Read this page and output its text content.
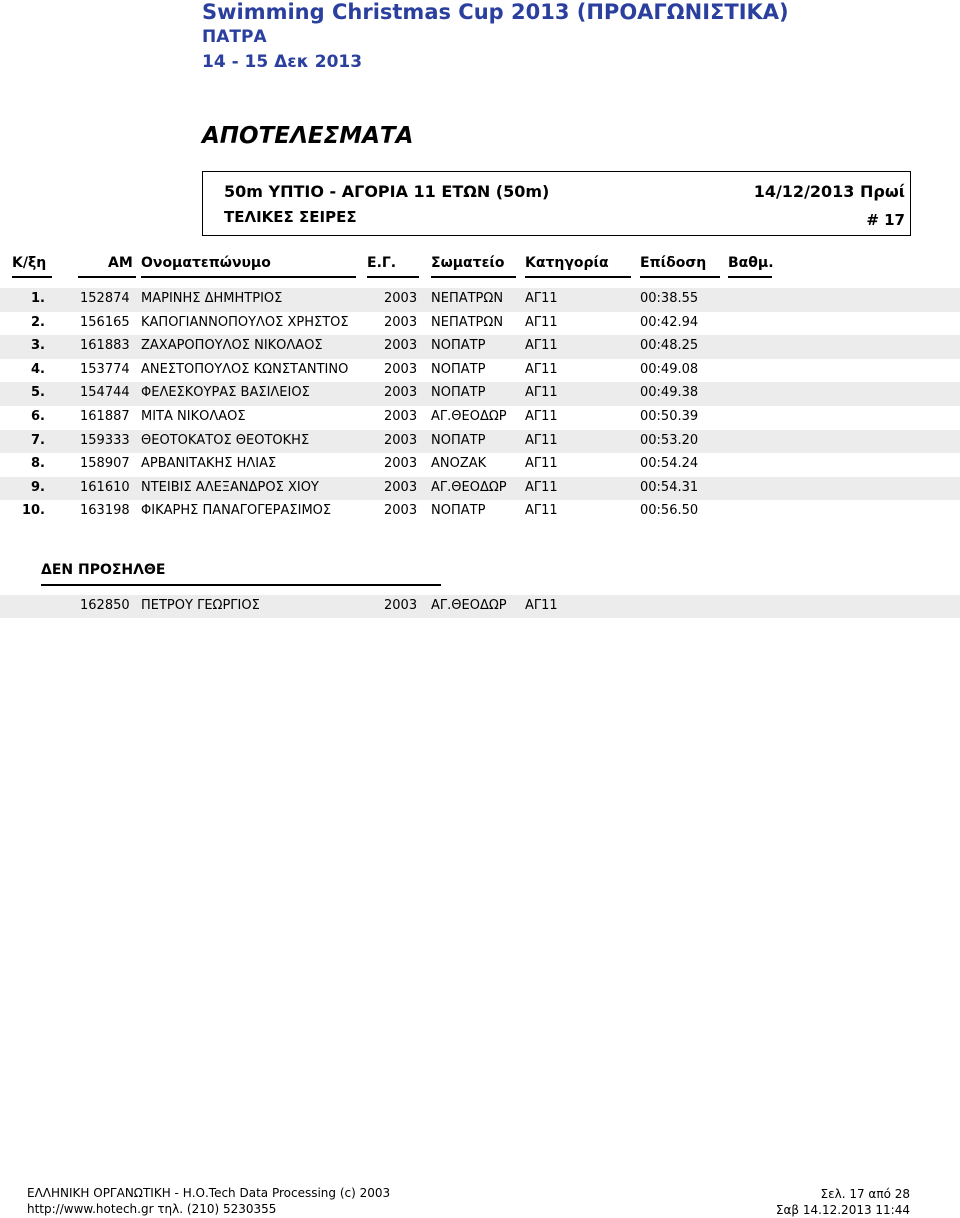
Swimming Christmas Cup 2013 (ΠΡΟΑΓΩΝΙΣΤΙΚΑ)
ΠΑΤΡΑ
14 - 15 Δεκ 2013
ΑΠΟΤΕΛΕΣΜΑΤΑ
50m ΥΠΤΙΟ - ΑΓΟΡΙΑ 11 ΕΤΩΝ (50m)	14/12/2013 Πρωί
ΤΕΛΙΚΕΣ ΣΕΙΡΕΣ	# 17
Κ/ξη	ΑΜ Ονοματεπώνυμο	Ε.Γ. Σωματείο Κατηγορία Επίδοση Βαθμ.
1.	152874 ΜΑΡΙΝΗΣ ΔΗΜΗΤΡΙΟΣ	2003 ΝΕΠΑΤΡΩΝ ΑΓ11	00:38.55
2.	156165 ΚΑΠΟΓΙΑΝΝΟΠΟΥΛΟΣ ΧΡΗΣΤΟΣ	2003 ΝΕΠΑΤΡΩΝ ΑΓ11	00:42.94
3.	161883 ΖΑΧΑΡΟΠΟΥΛΟΣ ΝΙΚΟΛΑΟΣ	2003 ΝΟΠΑΤΡ	ΑΓ11	00:48.25
4.	153774 ΑΝΕΣΤΟΠΟΥΛΟΣ ΚΩΝΣΤΑΝΤΙΝΟ	2003 ΝΟΠΑΤΡ	ΑΓ11	00:49.08
5.	154744 ΦΕΛΕΣΚΟΥΡΑΣ ΒΑΣΙΛΕΙΟΣ	2003 ΝΟΠΑΤΡ	ΑΓ11	00:49.38
6.	161887 ΜΙΤΑ ΝΙΚΟΛΑΟΣ	2003 ΑΓ.ΘΕΟΔΩΡ ΑΓ11	00:50.39
7.	159333 ΘΕΟΤΟΚΑΤΟΣ ΘΕΟΤΟΚΗΣ	2003 ΝΟΠΑΤΡ	ΑΓ11	00:53.20
8.	158907 ΑΡΒΑΝΙΤΑΚΗΣ ΗΛΙΑΣ	2003 ΑΝΟΖΑΚ	ΑΓ11	00:54.24
9.	161610 ΝΤΕΙΒΙΣ ΑΛΕΞΑΝΔΡΟΣ ΧΙΟΥ	2003 ΑΓ.ΘΕΟΔΩΡ ΑΓ11	00:54.31
10.	163198 ΦΙΚΑΡΗΣ ΠΑΝΑΓΟΓΕΡΑΣΙΜΟΣ	2003 ΝΟΠΑΤΡ	ΑΓ11	00:56.50
ΔΕΝ ΠΡΟΣΗΛΘΕ
162850 ΠΕΤΡΟΥ ΓΕΩΡΓΙΟΣ	2003 ΑΓ.ΘΕΟΔΩΡ ΑΓ11
ΕΛΛΗΝΙΚΗ ΟΡΓΑΝΩΤΙΚΗ - Η.Ο.Tech Data Processing (c) 2003
http://www.hotech.gr τηλ. (210) 5230355
Σελ. 17 από 28
Σαβ 14.12.2013 11:44
